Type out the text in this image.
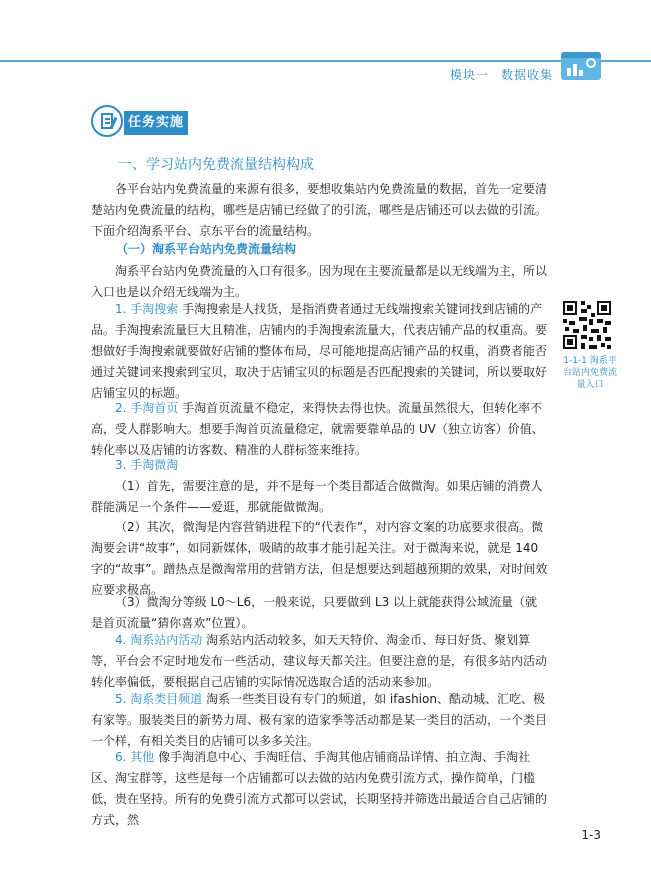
模块一 数据收集
任务实施
一、学习站内免费流量结构构成
各平台站内免费流量的来源有很多，要想收集站内免费流量的数据，首先一定要清楚站内免费流量的结构，哪些是店铺已经做了的引流，哪些是店铺还可以去做的引流。下面介绍淘系平台、京东平台的流量结构。
（一）淘系平台站内免费流量结构
淘系平台站内免费流量的入口有很多。因为现在主要流量都是以无线端为主，所以入口也是以介绍无线端为主。
1. 手淘搜索 手淘搜索是人找货，是指消费者通过无线端搜索关键词找到店铺的产品。手淘搜索流量巨大且精准，店铺内的手淘搜索流量大，代表店铺产品的权重高。要想做好手淘搜索就要做好店铺的整体布局，尽可能地提高店铺产品的权重，消费者能否通过关键词来搜索到宝贝，取决于店铺宝贝的标题是否匹配搜索的关键词，所以要取好店铺宝贝的标题。
2. 手淘首页 手淘首页流量不稳定，来得快去得也快。流量虽然很大，但转化率不高，受人群影响大。想要手淘首页流量稳定，就需要靠单品的 UV（独立访客）价值、转化率以及店铺的访客数、精准的人群标签来维持。
3. 手淘微淘
（1）首先，需要注意的是，并不是每一个类目都适合做微淘。如果店铺的消费人群能满足一个条件——爱逛，那就能做微淘。
（2）其次，微淘是内容营销进程下的“代表作”，对内容文案的功底要求很高。微淘要会讲“故事”，如同新媒体，吸睛的故事才能引起关注。对于微淘来说，就是 140 字的“故事”。蹭热点是微淘常用的营销方法，但是想要达到超越预期的效果，对时间效应要求极高。
（3）微淘分等级 L0～L6，一般来说，只要做到 L3 以上就能获得公域流量（就是首页流量“猜你喜欢”位置）。
4. 淘系站内活动 淘系站内活动较多，如天天特价、淘金币、每日好货、聚划算等，平台会不定时地发布一些活动，建议每天都关注。但要注意的是，有很多站内活动转化率偏低，要根据自己店铺的实际情况选取合适的活动来参加。
5. 淘系类目频道 淘系一些类目设有专门的频道，如 ifashion、酷动城、汇吃、极有家等。服装类目的新势力周、极有家的造家季等活动都是某一类目的活动，一个类目一个样，有相关类目的店铺可以多多关注。
6. 其他 像手淘消息中心、手淘旺信、手淘其他店铺商品详情、拍立淘、手淘社区、淘宝群等，这些是每一个店铺都可以去做的站内免费引流方式，操作简单，门槛低，贵在坚持。所有的免费引流方式都可以尝试，长期坚持并筛选出最适合自己店铺的方式，然
1-1-1 淘系平台站内免费流量入口
1-3
